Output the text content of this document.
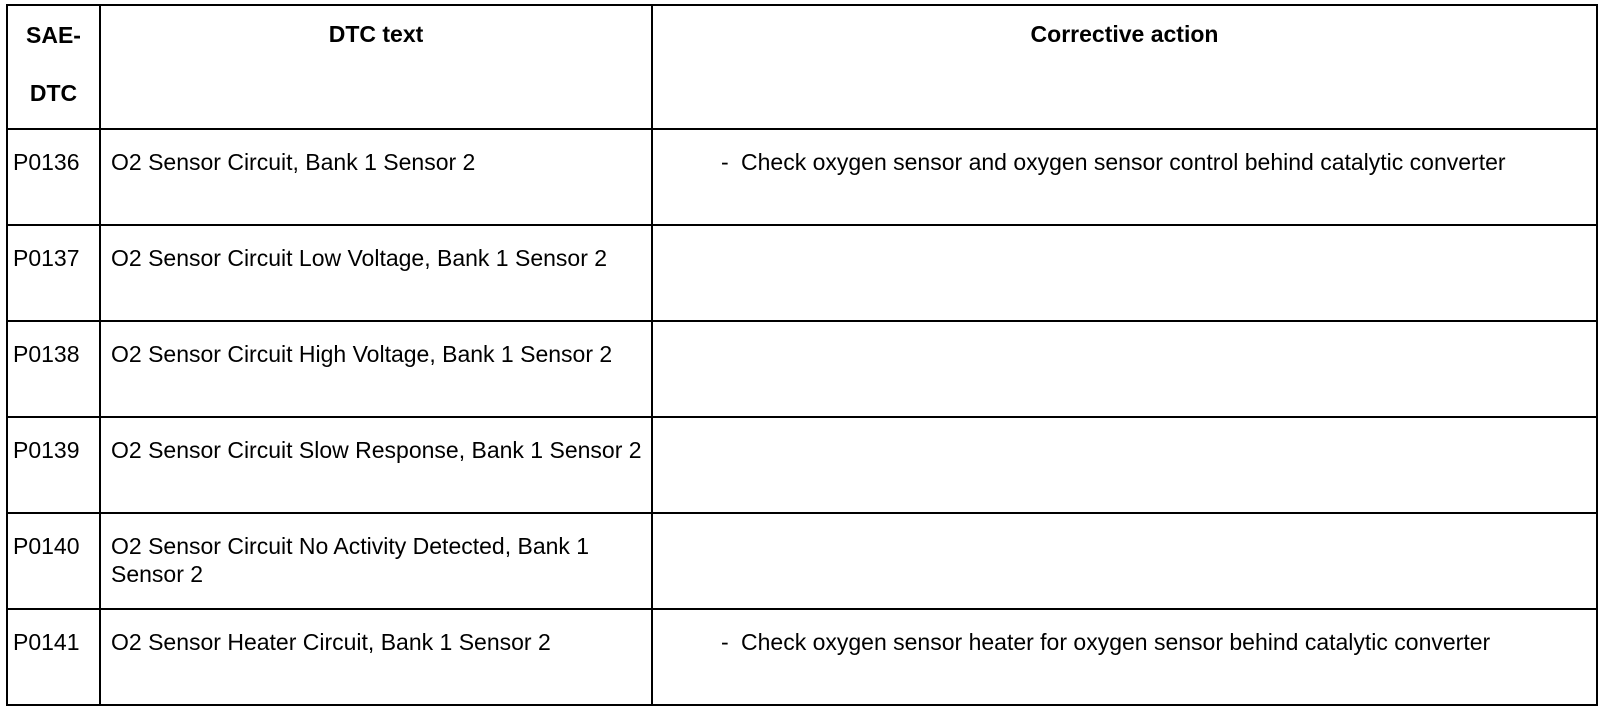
SAE-
DTC	DTC text	Corrective action
P0136	O2 Sensor Circuit, Bank 1 Sensor 2	- Check oxygen sensor and oxygen sensor control behind catalytic converter

P0137	O2 Sensor Circuit Low Voltage, Bank 1 Sensor 2	

P0138	O2 Sensor Circuit High Voltage, Bank 1 Sensor 2	

P0139	O2 Sensor Circuit Slow Response, Bank 1 Sensor 2	

P0140	O2 Sensor Circuit No Activity Detected, Bank 1 Sensor 2	

P0141	O2 Sensor Heater Circuit, Bank 1 Sensor 2	- Check oxygen sensor heater for oxygen sensor behind catalytic converter
